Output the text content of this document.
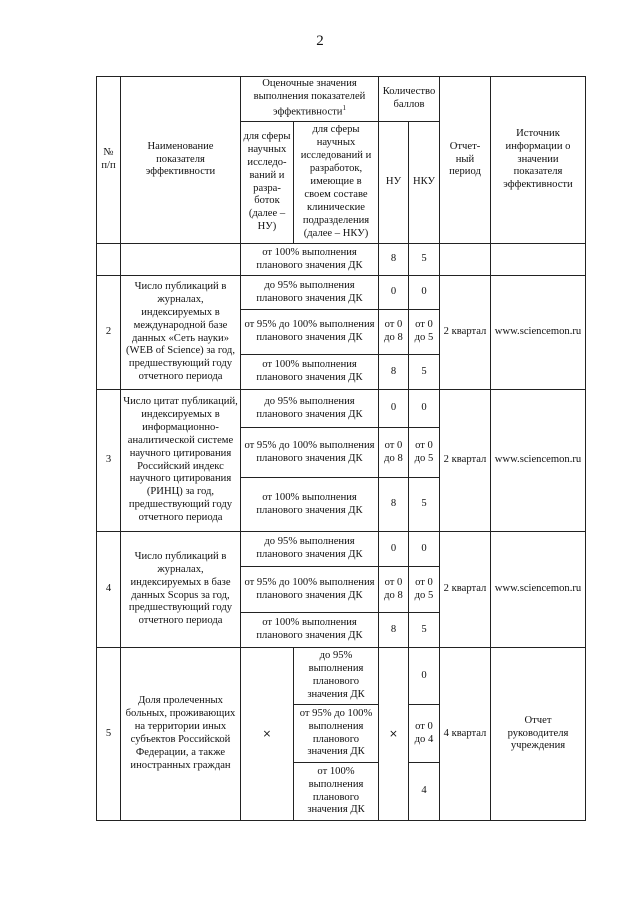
2
№ п/п	Наименование показателя эффективности	Оценочные значения выполнения показателей эффективности$^1$		Количество баллов		Отчет-ный период	Источник информации о значении показателя эффективности
		для сферы научных исследо-ваний и разра-боток (далее – НУ)	для сферы научных исследований и разработок, имеющие в своем составе клинические подразделения (далее – НКУ)	НУ	НКУ		
		от 100% выполнения планового значения ДК		8	5		
2	Число публикаций в журналах, индексируемых в международной базе данных «Сеть науки» (WEB of Science) за год, предшествующий году отчетного периода	до 95% выполнения планового значения ДК		0	0	2 квартал	www.sciencemon.ru
		от 95% до 100% выполнения планового значения ДК		от 0 до 8	от 0 до 5		
		от 100% выполнения планового значения ДК		8	5		
3	Число цитат публикаций, индексируемых в информационно-аналитической системе научного цитирования Российский индекс научного цитирования (РИНЦ) за год, предшествующий году отчетного периода	до 95% выполнения планового значения ДК		0	0	2 квартал	www.sciencemon.ru
		от 95% до 100% выполнения планового значения ДК		от 0 до 8	от 0 до 5		
		от 100% выполнения планового значения ДК		8	5		
4	Число публикаций в журналах, индексируемых в базе данных Scopus за год, предшествующий году отчетного периода	до 95% выполнения планового значения ДК		0	0	2 квартал	www.sciencemon.ru
		от 95% до 100% выполнения планового значения ДК		от 0 до 8	от 0 до 5		
		от 100% выполнения планового значения ДК		8	5		
5	Доля пролеченных больных, проживающих на территории иных субъектов Российской Федерации, а также иностранных граждан	×	до 95% выполнения планового значения ДК	×	0	4 квартал	Отчет руководителя учреждения
			от 95% до 100% выполнения планового значения ДК		от 0 до 4		
			от 100% выполнения планового значения ДК		4		
